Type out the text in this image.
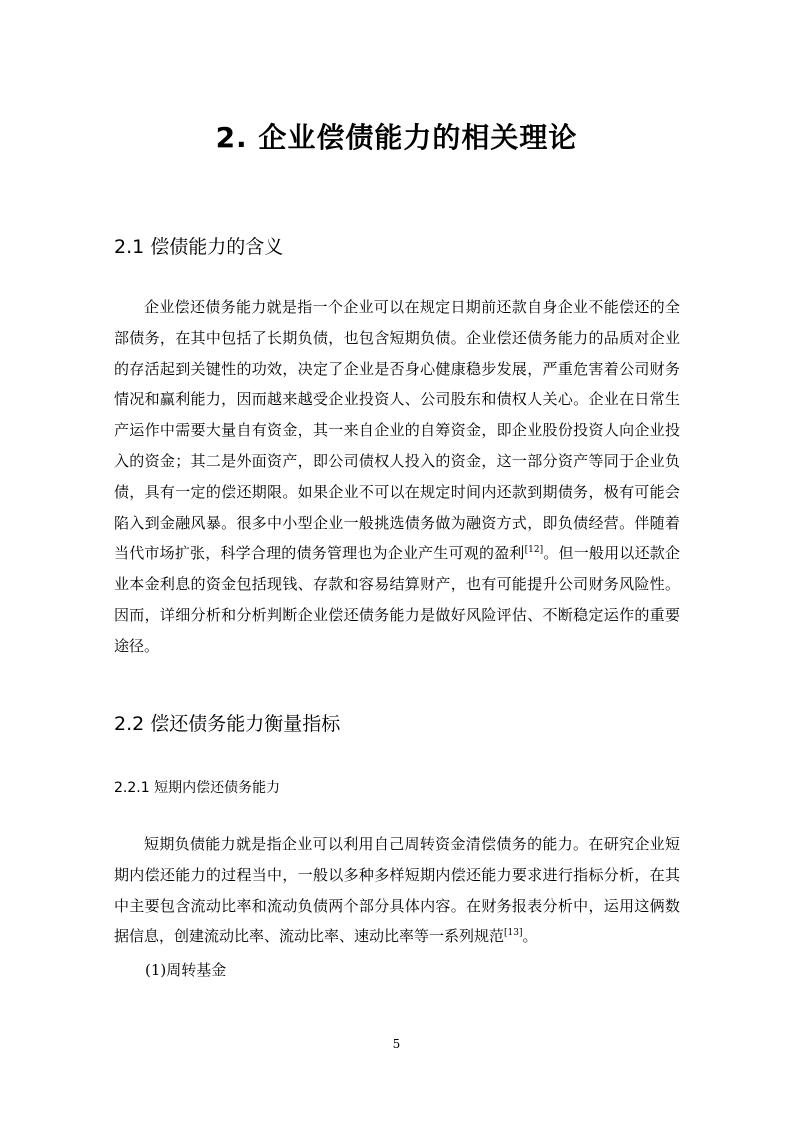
2. 企业偿债能力的相关理论
2.1 偿债能力的含义

企业偿还债务能力就是指一个企业可以在规定日期前还款自身企业不能偿还的全部债务，在其中包括了长期负债，也包含短期负债。企业偿还债务能力的品质对企业的存活起到关键性的功效，决定了企业是否身心健康稳步发展，严重危害着公司财务情况和赢利能力，因而越来越受企业投资人、公司股东和债权人关心。企业在日常生产运作中需要大量自有资金，其一来自企业的自筹资金，即企业股份投资人向企业投入的资金；其二是外面资产，即公司债权人投入的资金，这一部分资产等同于企业负债，具有一定的偿还期限。如果企业不可以在规定时间内还款到期债务，极有可能会陷入到金融风暴。很多中小型企业一般挑选债务做为融资方式，即负债经营。伴随着当代市场扩张，科学合理的债务管理也为企业产生可观的盈利[12]。但一般用以还款企业本金利息的资金包括现钱、存款和容易结算财产，也有可能提升公司财务风险性。因而，详细分析和分析判断企业偿还债务能力是做好风险评估、不断稳定运作的重要途径。

2.2 偿还债务能力衡量指标
2.2.1 短期内偿还债务能力

短期负债能力就是指企业可以利用自己周转资金清偿债务的能力。在研究企业短期内偿还能力的过程当中，一般以多种多样短期内偿还能力要求进行指标分析，在其中主要包含流动比率和流动负债两个部分具体内容。在财务报表分析中，运用这俩数据信息，创建流动比率、流动比率、速动比率等一系列规范[13]。

(1)周转基金

5
